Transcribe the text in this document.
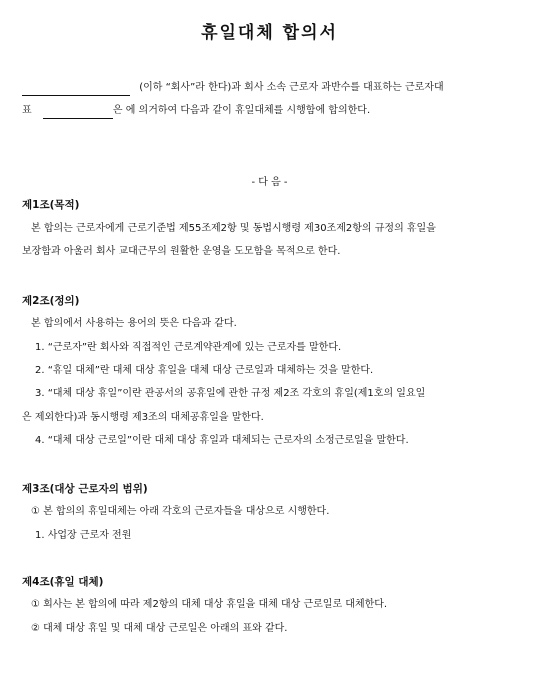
휴일대체 합의서
(이하 “회사”라 한다)과 회사 소속 근로자 과반수를 대표하는 근로자대
표	은 에 의거하여 다음과 같이 휴일대체를 시행함에 합의한다.
- 다 음 -
제1조(목적)
본 합의는 근로자에게 근로기준법 제55조제2항 및 동법시행령 제30조제2항의 규정의 휴일을
보장함과 아울러 회사 교대근무의 원활한 운영을 도모함을 목적으로 한다.
제2조(정의)
본 합의에서 사용하는 용어의 뜻은 다음과 같다.
1. “근로자”란 회사와 직접적인 근로계약관계에 있는 근로자를 말한다.
2. “휴일 대체”란 대체 대상 휴일을 대체 대상 근로일과 대체하는 것을 말한다.
3. “대체 대상 휴일”이란 관공서의 공휴일에 관한 규정 제2조 각호의 휴일(제1호의 일요일
은 제외한다)과 동시행령 제3조의 대체공휴일을 말한다.
4. “대체 대상 근로일”이란 대체 대상 휴일과 대체되는 근로자의 소정근로일을 말한다.
제3조(대상 근로자의 범위)
① 본 합의의 휴일대체는 아래 각호의 근로자들을 대상으로 시행한다.
1. 사업장 근로자 전원
제4조(휴일 대체)
① 회사는 본 합의에 따라 제2항의 대체 대상 휴일을 대체 대상 근로일로 대체한다.
② 대체 대상 휴일 및 대체 대상 근로일은 아래의 표와 같다.
